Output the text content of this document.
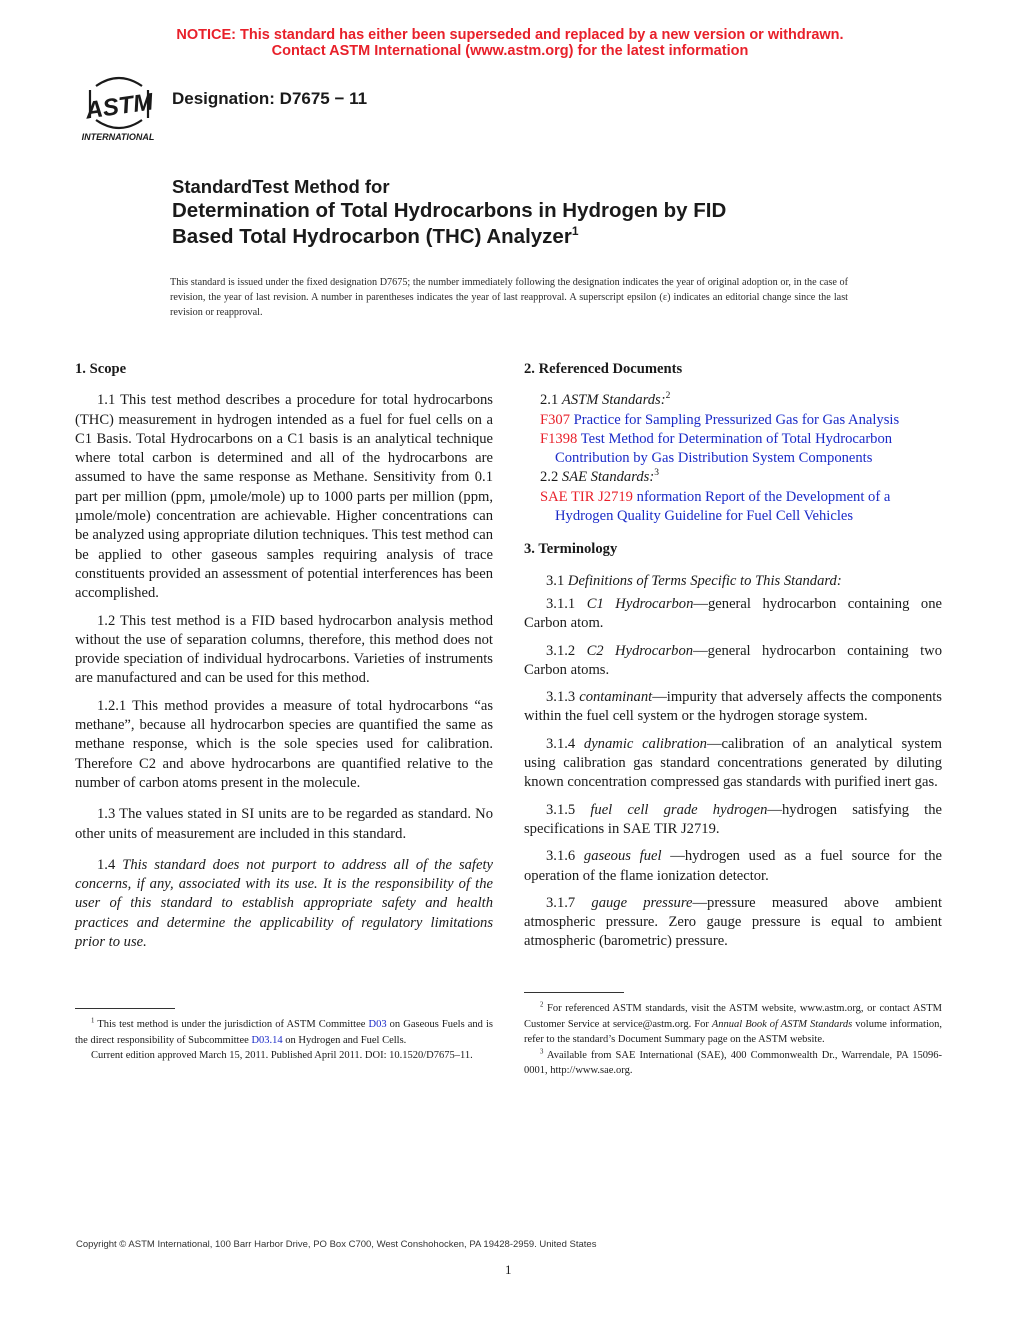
NOTICE: This standard has either been superseded and replaced by a new version or withdrawn.
Contact ASTM International (www.astm.org) for the latest information
ASTM
INTERNATIONAL
Designation: D7675 − 11
StandardTest Method for
Determination of Total Hydrocarbons in Hydrogen by FID
Based Total Hydrocarbon (THC) Analyzer$^1$
This standard is issued under the fixed designation D7675; the number immediately following the designation indicates the year of original adoption or, in the case of revision, the year of last revision. A number in parentheses indicates the year of last reapproval. A superscript epsilon (ε) indicates an editorial change since the last revision or reapproval.
1. Scope
1.1 This test method describes a procedure for total hydrocarbons (THC) measurement in hydrogen intended as a fuel for fuel cells on a C1 Basis. Total Hydrocarbons on a C1 basis is an analytical technique where total carbon is determined and all of the hydrocarbons are assumed to have the same response as Methane. Sensitivity from 0.1 part per million (ppm, µmole/mole) up to 1000 parts per million (ppm, µmole/mole) concentration are achievable. Higher concentrations can be analyzed using appropriate dilution techniques. This test method can be applied to other gaseous samples requiring analysis of trace constituents provided an assessment of potential interferences has been accomplished.
1.2 This test method is a FID based hydrocarbon analysis method without the use of separation columns, therefore, this method does not provide speciation of individual hydrocarbons. Varieties of instruments are manufactured and can be used for this method.
1.2.1 This method provides a measure of total hydrocarbons “as methane”, because all hydrocarbon species are quantified the same as methane response, which is the sole species used for calibration. Therefore C2 and above hydrocarbons are quantified relative to the number of carbon atoms present in the molecule.
1.3 The values stated in SI units are to be regarded as standard. No other units of measurement are included in this standard.
1.4 This standard does not purport to address all of the safety concerns, if any, associated with its use. It is the responsibility of the user of this standard to establish appropriate safety and health practices and determine the applicability of regulatory limitations prior to use.

$^1$ This test method is under the jurisdiction of ASTM Committee D03 on Gaseous Fuels and is the direct responsibility of Subcommittee D03.14 on Hydrogen and Fuel Cells.

Current edition approved March 15, 2011. Published April 2011. DOI: 10.1520/D7675–11.

2. Referenced Documents
2.1 ASTM Standards:$^2$
F307 Practice for Sampling Pressurized Gas for Gas Analysis
F1398 Test Method for Determination of Total Hydrocarbon Contribution by Gas Distribution System Components
2.2 SAE Standards:$^3$
SAE TIR J2719 nformation Report of the Development of a Hydrogen Quality Guideline for Fuel Cell Vehicles
3. Terminology
3.1 Definitions of Terms Specific to This Standard:
3.1.1 C1 Hydrocarbon—general hydrocarbon containing one Carbon atom.
3.1.2 C2 Hydrocarbon—general hydrocarbon containing two Carbon atoms.
3.1.3 contaminant—impurity that adversely affects the components within the fuel cell system or the hydrogen storage system.
3.1.4 dynamic calibration—calibration of an analytical system using calibration gas standard concentrations generated by diluting known concentration compressed gas standards with purified inert gas.
3.1.5 fuel cell grade hydrogen—hydrogen satisfying the specifications in SAE TIR J2719.
3.1.6 gaseous fuel —hydrogen used as a fuel source for the operation of the flame ionization detector.
3.1.7 gauge pressure—pressure measured above ambient atmospheric pressure. Zero gauge pressure is equal to ambient atmospheric (barometric) pressure.

$^2$ For referenced ASTM standards, visit the ASTM website, www.astm.org, or contact ASTM Customer Service at service@astm.org. For Annual Book of ASTM Standards volume information, refer to the standard’s Document Summary page on the ASTM website.

$^3$ Available from SAE International (SAE), 400 Commonwealth Dr., Warrendale, PA 15096-0001, http://www.sae.org.

Copyright © ASTM International, 100 Barr Harbor Drive, PO Box C700, West Conshohocken, PA 19428-2959. United States
1
